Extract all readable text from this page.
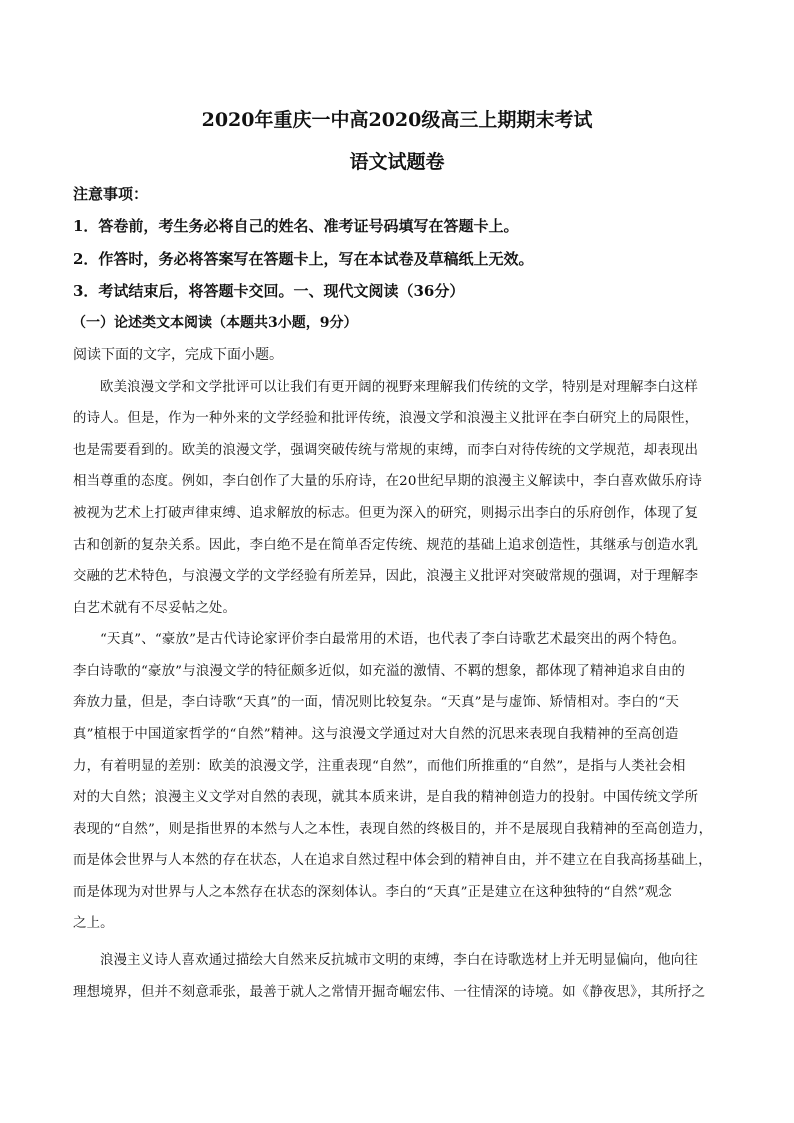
2020年重庆一中高2020级高三上期期末考试
语文试题卷
注意事项：
1．答卷前，考生务必将自己的姓名、准考证号码填写在答题卡上。
2．作答时，务必将答案写在答题卡上，写在本试卷及草稿纸上无效。
3．考试结束后，将答题卡交回。一、现代文阅读（36分）
（一）论述类文本阅读（本题共3小题，9分）
阅读下面的文字，完成下面小题。
欧美浪漫文学和文学批评可以让我们有更开阔的视野来理解我们传统的文学，特别是对理解李白这样
的诗人。但是，作为一种外来的文学经验和批评传统，浪漫文学和浪漫主义批评在李白研究上的局限性，
也是需要看到的。欧美的浪漫文学，强调突破传统与常规的束缚，而李白对待传统的文学规范，却表现出
相当尊重的态度。例如，李白创作了大量的乐府诗，在20世纪早期的浪漫主义解读中，李白喜欢做乐府诗
被视为艺术上打破声律束缚、追求解放的标志。但更为深入的研究，则揭示出李白的乐府创作，体现了复
古和创新的复杂关系。因此，李白绝不是在简单否定传统、规范的基础上追求创造性，其继承与创造水乳
交融的艺术特色，与浪漫文学的文学经验有所差异，因此，浪漫主义批评对突破常规的强调，对于理解李
白艺术就有不尽妥帖之处。
“天真”、“豪放”是古代诗论家评价李白最常用的术语，也代表了李白诗歌艺术最突出的两个特色。
李白诗歌的“豪放”与浪漫文学的特征颇多近似，如充溢的激情、不羁的想象，都体现了精神追求自由的
奔放力量，但是，李白诗歌“天真”的一面，情况则比较复杂。“天真”是与虚饰、矫情相对。李白的“天
真”植根于中国道家哲学的“自然”精神。这与浪漫文学通过对大自然的沉思来表现自我精神的至高创造
力，有着明显的差别：欧美的浪漫文学，注重表现“自然”，而他们所推重的“自然”，是指与人类社会相
对的大自然；浪漫主义文学对自然的表现，就其本质来讲，是自我的精神创造力的投射。中国传统文学所
表现的“自然”，则是指世界的本然与人之本性，表现自然的终极目的，并不是展现自我精神的至高创造力，
而是体会世界与人本然的存在状态，人在追求自然过程中体会到的精神自由，并不建立在自我高扬基础上，
而是体现为对世界与人之本然存在状态的深刻体认。李白的“天真”正是建立在这种独特的“自然”观念
之上。
浪漫主义诗人喜欢通过描绘大自然来反抗城市文明的束缚，李白在诗歌选材上并无明显偏向，他向往
理想境界，但并不刻意乖张，最善于就人之常情开掘奇崛宏伟、一往情深的诗境。如《静夜思》，其所抒之
